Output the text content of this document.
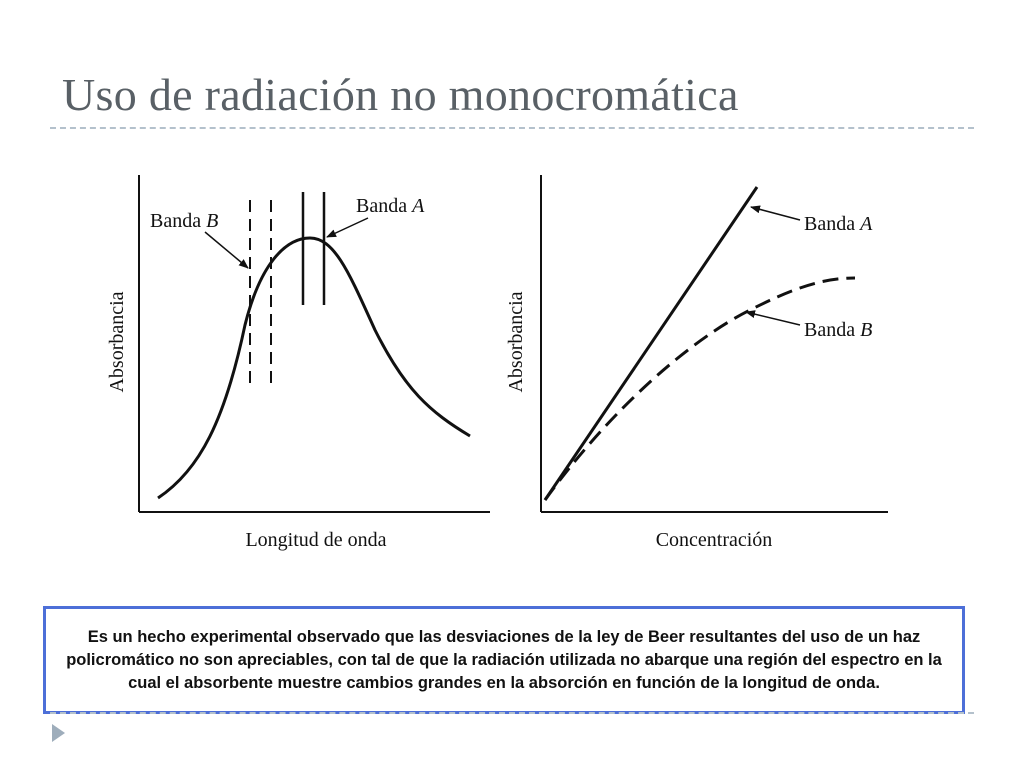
Uso de radiación no monocromática
Banda B
Banda A
Absorbancia
Longitud de onda
Banda A
Banda B
Absorbancia
Concentración
Es un hecho experimental observado que las desviaciones de la ley de Beer resultantes del uso de un haz policromático no son apreciables, con tal de que la radiación utilizada no abarque una región del espectro en la cual el absorbente muestre cambios grandes en la absorción en función de la longitud de onda.
